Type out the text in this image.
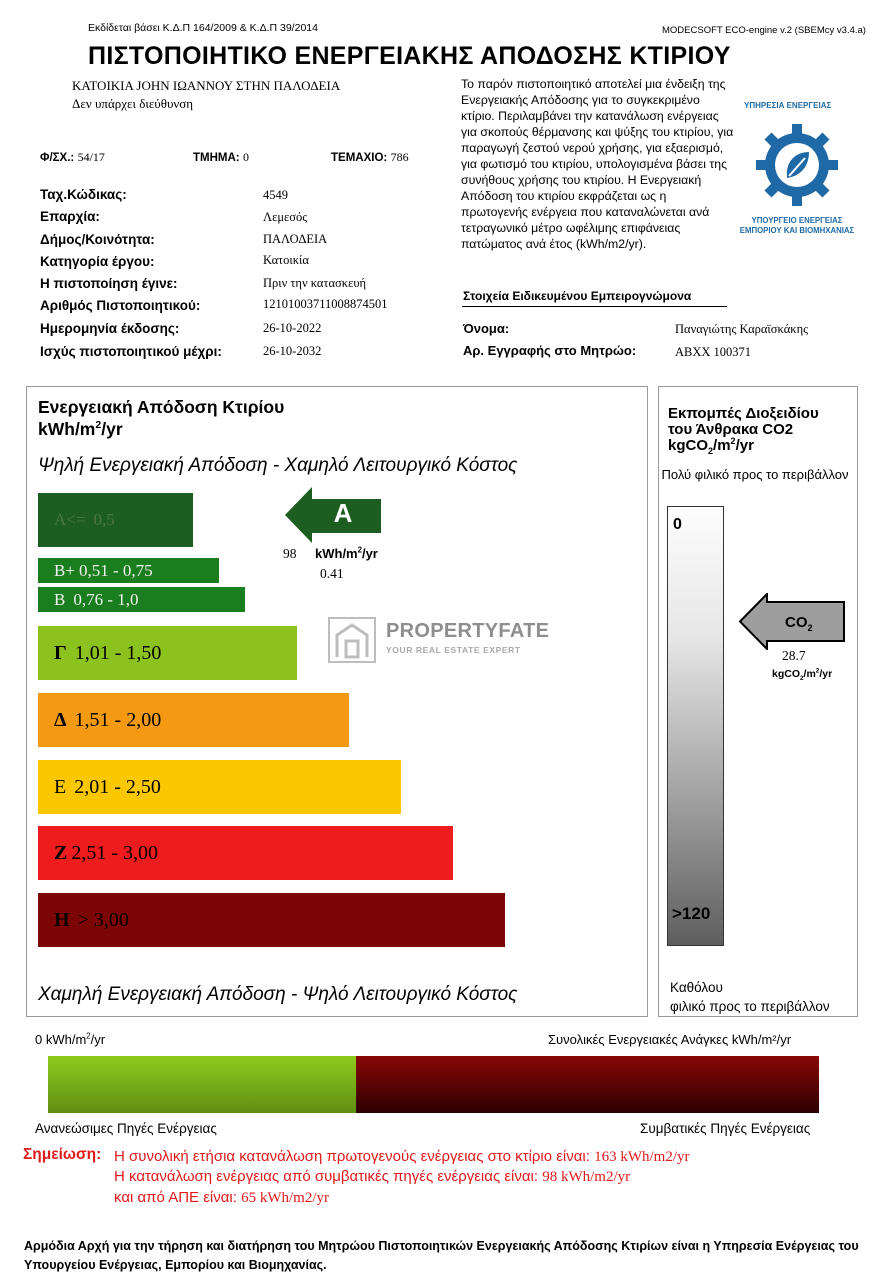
Εκδίδεται βάσει Κ.Δ.Π 164/2009 & Κ.Δ.Π 39/2014	MODECSOFT ECO-engine v.2 (SBEMcy v3.4.a)
ΠΙΣΤΟΠΟΙΗΤΙΚΟ ΕΝΕΡΓΕΙΑΚΗΣ ΑΠΟΔΟΣΗΣ ΚΤΙΡΙΟΥ
ΚΑΤΟΙΚΙΑ JOHN ΙΩΑΝΝΟΥ ΣΤΗΝ ΠΑΛΟΔΕΙΑ
Δεν υπάρχει διεύθυνση
Φ/ΣΧ.: 54/17	ΤΜΗΜΑ: 0	ΤΕΜΑΧΙΟ: 786
Ταχ.Κώδικας:	4549
Επαρχία:	Λεμεσός
Δήμος/Κοινότητα:	ΠΑΛΟΔΕΙΑ
Κατηγορία έργου:	Κατοικία
Η πιστοποίηση έγινε:	Πριν την κατασκευή
Αριθμός Πιστοποιητικού:	12101003711008874501
Ημερομηνία έκδοσης:	26-10-2022
Ισχύς πιστοποιητικού μέχρι:	26-10-2032
Το παρόν πιστοποιητικό αποτελεί μια ένδειξη της Ενεργειακής Απόδοσης για το συγκεκριμένο κτίριο. Περιλαμβάνει την κατανάλωση ενέργειας για σκοπούς θέρμανσης και ψύξης του κτιρίου, για παραγωγή ζεστού νερού χρήσης, για εξαερισμό, για φωτισμό του κτιρίου, υπολογισμένα βάσει της συνήθους χρήσης του κτιρίου. Η Ενεργειακή Απόδοση του κτιρίου εκφράζεται ως η πρωτογενής ενέργεια που καταναλώνεται ανά τετραγωνικό μέτρο ωφέλιμης επιφάνειας πατώματος ανά έτος (kWh/m2/yr).
ΥΠΗΡΕΣΙΑ ΕΝΕΡΓΕΙΑΣ
ΥΠΟΥΡΓΕΙΟ ΕΝΕΡΓΕΙΑΣ
ΕΜΠΟΡΙΟΥ ΚΑΙ ΒΙΟΜΗΧΑΝΙΑΣ
Στοιχεία Ειδικευμένου Εμπειρογνώμονα
Όνομα:	Παναγιώτης Καραϊσκάκης
Αρ. Εγγραφής στο Μητρώο:	ΑΒΧΧ 100371
Ενεργειακή Απόδοση Κτιρίου
kWh/$m^2/yr$
Ψηλή Ενεργειακή Απόδοση - Χαμηλό Λειτουργικό Κόστος
A<= 0,5
B+ 0,51 - 0,75
B 0,76 - 1,0
Γ 1,01 - 1,50
Δ 1,51 - 2,00
Ε 2,01 - 2,50
Ζ 2,51 - 3,00
Η > 3,00
A
98 kWh/$m^2/yr$
0.41
PROPERTYFATE
YOUR REAL ESTATE EXPERT
Χαμηλή Ενεργειακή Απόδοση - Ψηλό Λειτουργικό Κόστος
Εκπομπές Διοξειδίου
του Άνθρακα CO2
$kgCO_2/m^2/yr$
Πολύ φιλικό προς το περιβάλλον
0
>120
$CO_2$
28.7
$kgCO_2/m^2/yr$
Καθόλου
φιλικό προς το περιβάλλον
0 kWh/$m^2/yr$	Συνολικές Ενεργειακές Ανάγκες kWh/m²/yr
Ανανεώσιμες Πηγές Ενέργειας	Συμβατικές Πηγές Ενέργειας
Σημείωση: Η συνολική ετήσια κατανάλωση πρωτογενούς ενέργειας στο κτίριο είναι: 163 kWh/m2/yr
Η κατανάλωση ενέργειας από συμβατικές πηγές ενέργειας είναι: 98 kWh/m2/yr
και από ΑΠΕ είναι: 65 kWh/m2/yr
Αρμόδια Αρχή για την τήρηση και διατήρηση του Μητρώου Πιστοποιητικών Ενεργειακής Απόδοσης Κτιρίων είναι η Υπηρεσία Ενέργειας του Υπουργείου Ενέργειας, Εμπορίου και Βιομηχανίας.
